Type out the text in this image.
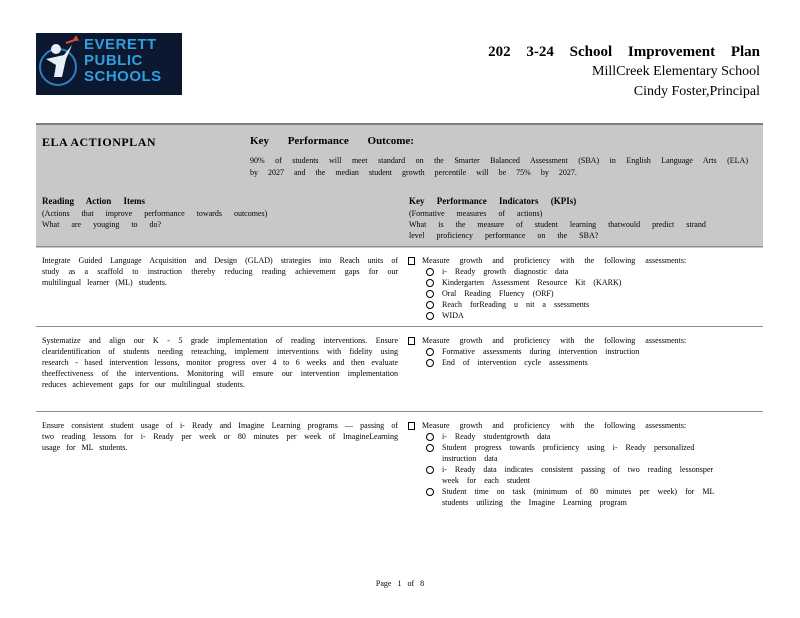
EVERETT
PUBLIC
SCHOOLS
202 3-24 School Improvement Plan
MillCreek Elementary School
Cindy Foster,Principal
ELA ACTIONPLAN	Key Performance Outcome:
90% of students will meet standard on the Smarter Balanced Assessment (SBA) in English Language Arts (ELA) by 2027 and the median student growth percentile will be 75% by 2027.
Reading Action Items
(Actions that improve performance towards outcomes)
What are youging to do?
Key Performance Indicators (KPIs)
(Formative measures of actions)
What is the measure of student learning thatwould predict strand level proficiency performance on the SBA?
Integrate Guided Language Acquisition and Design (GLAD) strategies into Reach units of study as a scaffold to instruction thereby reducing reading achievement gaps for our multilingual learner (ML) students.
Measure growth and proficiency with the following assessments:
i- Ready growth diagnostic data
Kindergarten Assessment Resource Kit (KARK)
Oral Reading Fluency (ORF)
Reach forReading u nit a ssessments
WIDA
Systematize and align our K - 5 grade implementation of reading interventions. Ensure clearidentification of students needing reteaching, implement interventions with fidelity using research - based intervention lessons, monitor progress over 4 to 6 weeks and then evaluate theeffectiveness of the interventions. Monitoring will ensure our intervention implementation reduces achievement gaps for our multilingual students.
Measure growth and proficiency with the following assessments:
Formative assessments during intervention instruction
End of intervention cycle assessments
Ensure consistent student usage of i- Ready and Imagine Learning programs — passing of two reading lessons for i- Ready per week or 80 minutes per week of ImagineLearning usage for ML students.
Measure growth and proficiency with the following assessments:
i- Ready studentgrowth data
Student progress towards proficiency using i- Ready personalized instruction data
i- Ready data indicates consistent passing of two reading lessonsper week for each student
Student time on task (minimum of 80 minutes per week) for ML students utilizing the Imagine Learning program
Page 1 of 8
